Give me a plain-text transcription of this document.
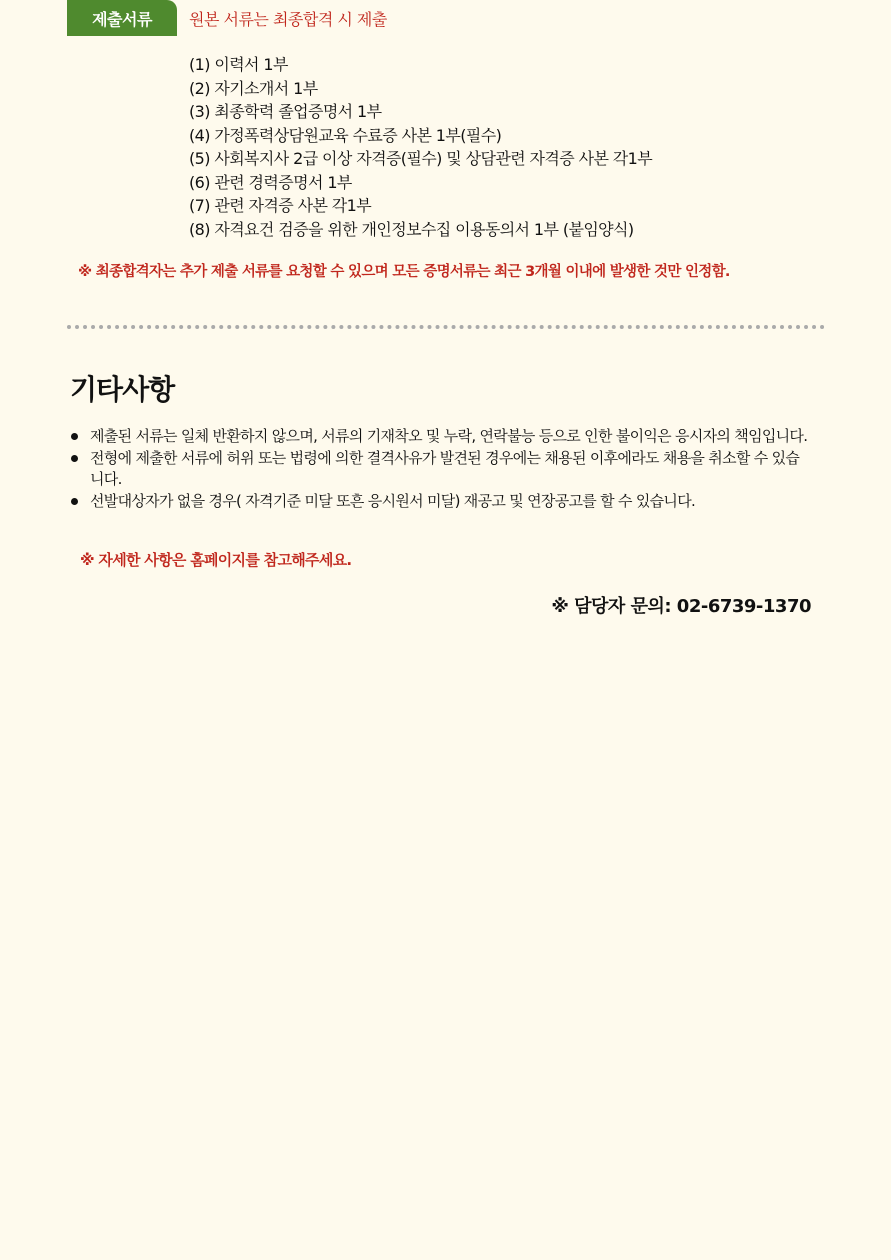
제출서류	원본 서류는 최종합격 시 제출
(1) 이력서 1부
(2) 자기소개서 1부
(3) 최종학력 졸업증명서 1부
(4) 가정폭력상담원교육 수료증 사본 1부(필수)
(5) 사회복지사 2급 이상 자격증(필수) 및 상담관련 자격증 사본 각1부
(6) 관련 경력증명서 1부
(7) 관련 자격증 사본 각1부
(8) 자격요건 검증을 위한 개인정보수집 이용동의서 1부 (붙임양식)
※ 최종합격자는 추가 제출 서류를 요청할 수 있으며 모든 증명서류는 최근 3개월 이내에 발생한 것만 인정함.
기타사항
제출된 서류는 일체 반환하지 않으며, 서류의 기재착오 및 누락, 연락불능 등으로 인한 불이익은 응시자의 책임입니다.
전형에 제출한 서류에 허위 또는 법령에 의한 결격사유가 발견된 경우에는 채용된 이후에라도 채용을 취소할 수 있습니다.
선발대상자가 없을 경우( 자격기준 미달 또흔 응시원서 미달) 재공고 및 연장공고를 할 수 있습니다.
※ 자세한 사항은 홈페이지를 참고해주세요.
※ 담당자 문의: 02-6739-1370
